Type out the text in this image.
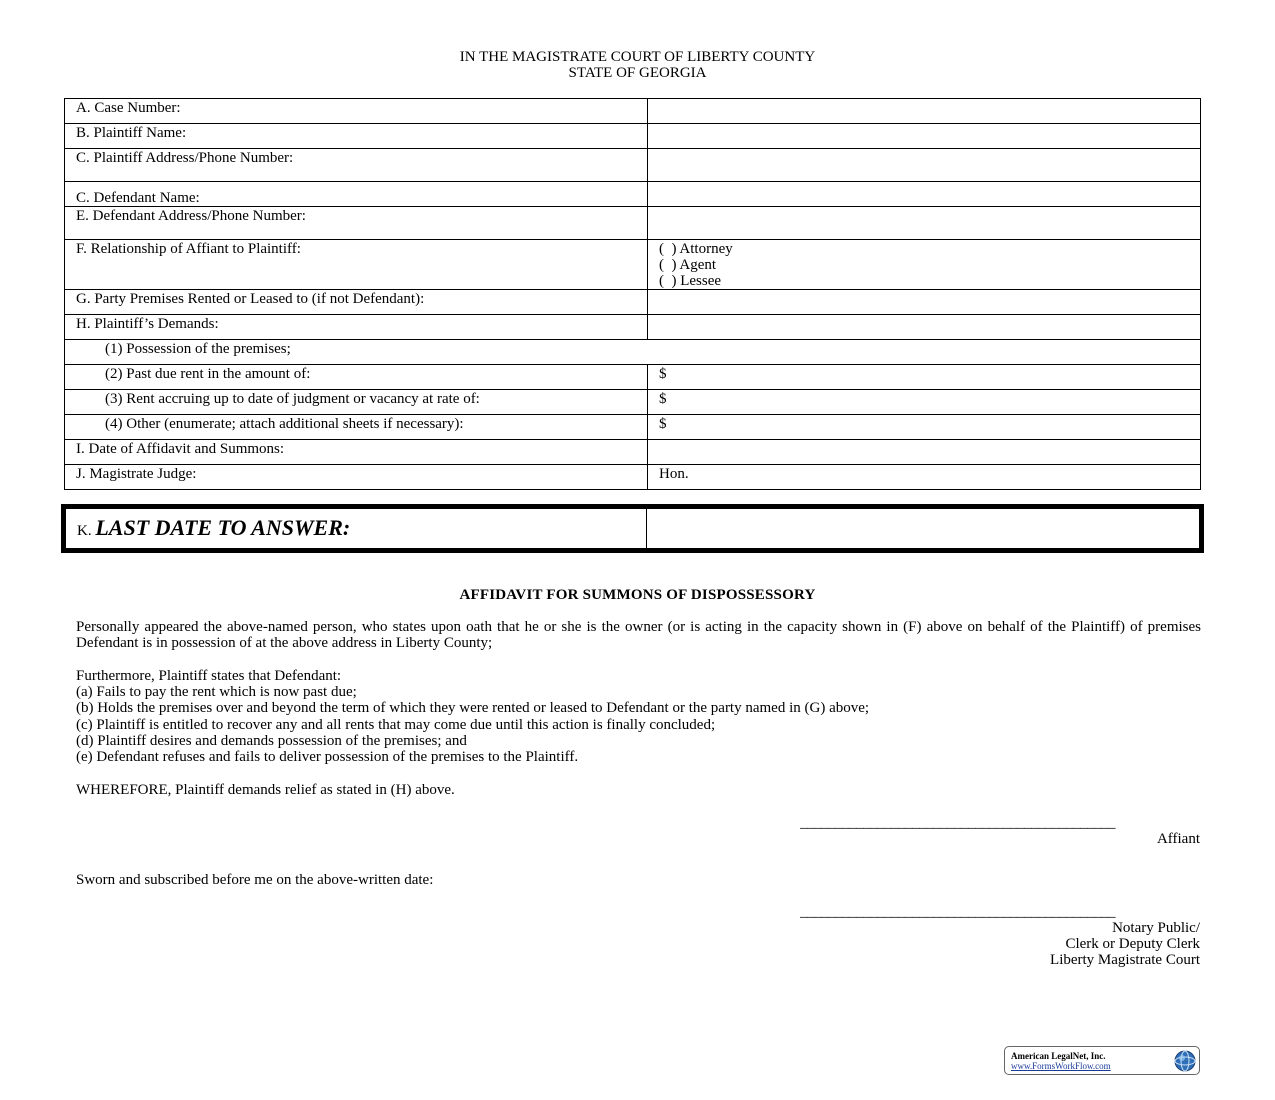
IN THE MAGISTRATE COURT OF LIBERTY COUNTY
STATE OF GEORGIA
A. Case Number:	
B. Plaintiff Name:	
C. Plaintiff Address/Phone Number:	
C. Defendant Name:	
E. Defendant Address/Phone Number:	
F. Relationship of Affiant to Plaintiff:	(  ) Attorney
(  ) Agent
(  ) Lessee

G. Party Premises Rented or Leased to (if not Defendant):	
H. Plaintiff’s Demands:	
(1) Possession of the premises;	
(2) Past due rent in the amount of:	$
(3) Rent accruing up to date of judgment or vacancy at rate of:	$
(4) Other (enumerate; attach additional sheets if necessary):	$
I. Date of Affidavit and Summons:	
J. Magistrate Judge:	Hon.
K. LAST DATE TO ANSWER:
AFFIDAVIT FOR SUMMONS OF DISPOSSESSORY
Personally appeared the above-named person, who states upon oath that he or she is the owner (or is acting in the capacity shown in (F) above on behalf of the Plaintiff) of premises Defendant is in possession of at the above address in Liberty County;

Furthermore, Plaintiff states that Defendant:

(a) Fails to pay the rent which is now past due;

(b) Holds the premises over and beyond the term of which they were rented or leased to Defendant or the party named in (G) above;

(c) Plaintiff is entitled to recover any and all rents that may come due until this action is finally concluded;

(d) Plaintiff desires and demands possession of the premises; and

(e) Defendant refuses and fails to deliver possession of the premises to the Plaintiff.

WHEREFORE, Plaintiff demands relief as stated in (H) above.
_____________________________________________
Affiant
Sworn and subscribed before me on the above-written date:
_____________________________________________
Notary Public/
Clerk or Deputy Clerk
Liberty Magistrate Court
American LegalNet, Inc.
www.FormsWorkFlow.com
